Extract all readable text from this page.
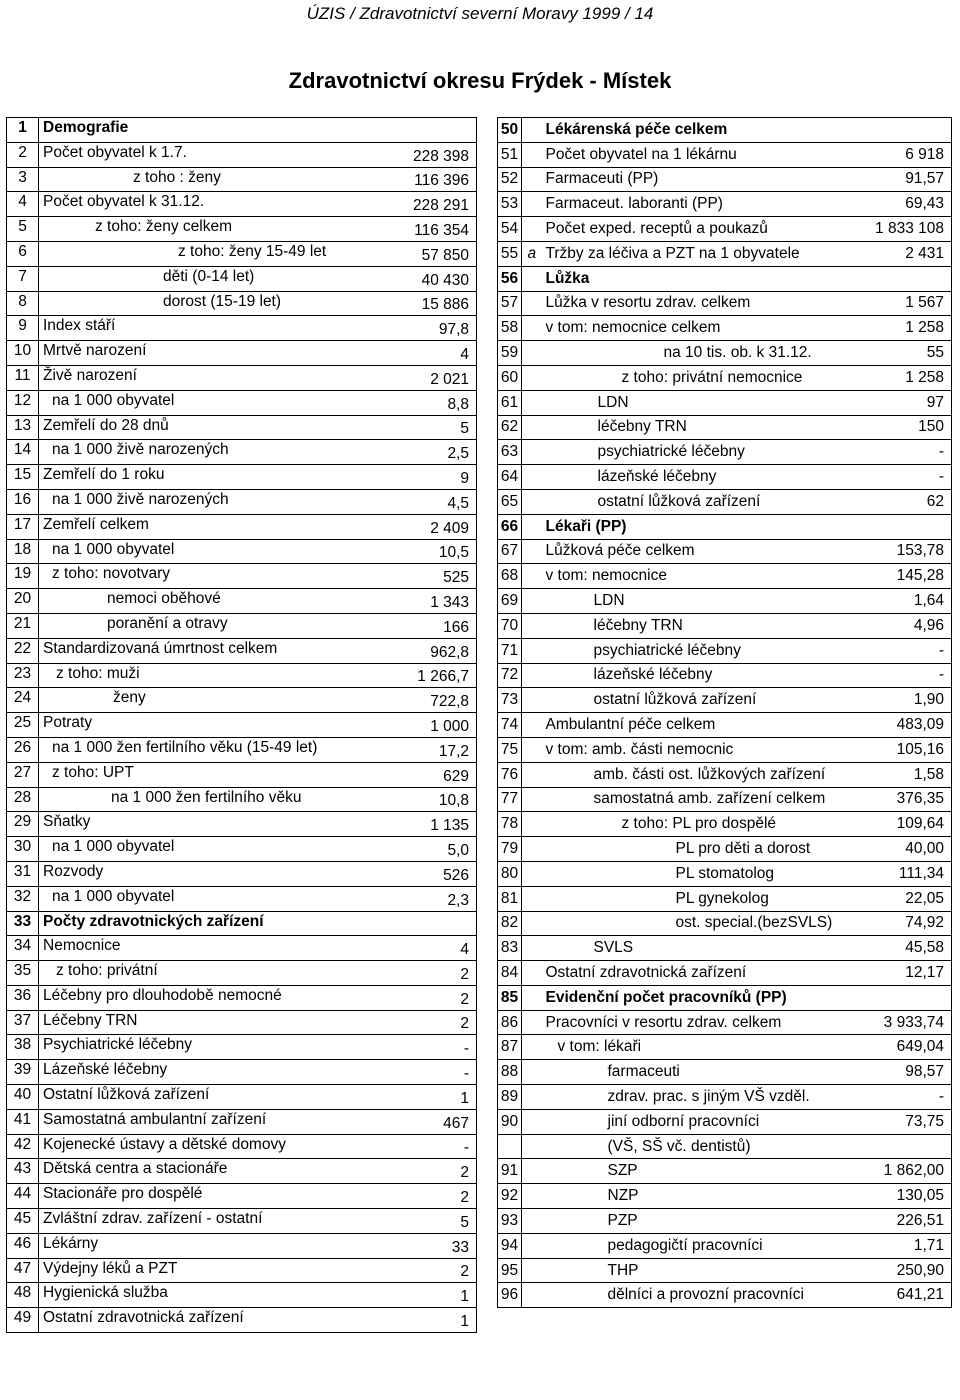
ÚZIS / Zdravotnictví severní Moravy 1999 / 14
Zdravotnictví okresu Frýdek - Místek
1	Demografie	
2	Počet obyvatel k 1.7.	228 398
3	z toho : ženy	116 396
4	Počet obyvatel k 31.12.	228 291
5	z toho: ženy celkem	116 354
6	z toho: ženy 15-49 let	57 850
7	děti (0-14 let)	40 430
8	dorost (15-19 let)	15 886
9	Index stáří	97,8
10	Mrtvě narození	4
11	Živě narození	2 021
12	na 1 000 obyvatel	8,8
13	Zemřelí do 28 dnů	5
14	na 1 000 živě narozených	2,5
15	Zemřelí do 1 roku	9
16	na 1 000 živě narozených	4,5
17	Zemřelí celkem	2 409
18	na 1 000 obyvatel	10,5
19	z toho: novotvary	525
20	nemoci oběhové	1 343
21	poranění a otravy	166
22	Standardizovaná úmrtnost celkem	962,8
23	z toho: muži	1 266,7
24	ženy	722,8
25	Potraty	1 000
26	na 1 000 žen fertilního věku (15-49 let)	17,2
27	z toho: UPT	629
28	na 1 000 žen fertilního věku	10,8
29	Sňatky	1 135
30	na 1 000 obyvatel	5,0
31	Rozvody	526
32	na 1 000 obyvatel	2,3
33	Počty zdravotnických zařízení	
34	Nemocnice	4
35	z toho: privátní	2
36	Léčebny pro dlouhodobě nemocné	2
37	Léčebny TRN	2
38	Psychiatrické léčebny	-
39	Lázeňské léčebny	-
40	Ostatní lůžková zařízení	1
41	Samostatná ambulantní zařízení	467
42	Kojenecké ústavy a dětské domovy	-
43	Dětská centra a stacionáře	2
44	Stacionáře pro dospělé	2
45	Zvláštní zdrav. zařízení - ostatní	5
46	Lékárny	33
47	Výdejny léků a PZT	2
48	Hygienická služba	1
49	Ostatní zdravotnická zařízení	1
50		Lékárenská péče celkem	
51		Počet obyvatel na 1 lékárnu	6 918
52		Farmaceuti (PP)	91,57
53		Farmaceut. laboranti (PP)	69,43
54		Počet exped. receptů a poukazů	1 833 108
55	a	Tržby za léčiva a PZT na 1 obyvatele	2 431
56		Lůžka	
57		Lůžka v resortu zdrav. celkem	1 567
58		v tom: nemocnice celkem	1 258
59		na 10 tis. ob. k 31.12.	55
60		z toho: privátní nemocnice	1 258
61		LDN	97
62		léčebny TRN	150
63		psychiatrické léčebny	-
64		lázeňské léčebny	-
65		ostatní lůžková zařízení	62
66		Lékaři (PP)	
67		Lůžková péče celkem	153,78
68		v tom: nemocnice	145,28
69		LDN	1,64
70		léčebny TRN	4,96
71		psychiatrické léčebny	-
72		lázeňské léčebny	-
73		ostatní lůžková zařízení	1,90
74		Ambulantní péče celkem	483,09
75		v tom: amb. části nemocnic	105,16
76		amb. části ost. lůžkových zařízení	1,58
77		samostatná amb. zařízení celkem	376,35
78		z toho: PL pro dospělé	109,64
79		PL pro děti a dorost	40,00
80		PL stomatolog	111,34
81		PL gynekolog	22,05
82		ost. special.(bezSVLS)	74,92
83		SVLS	45,58
84		Ostatní zdravotnická zařízení	12,17
85		Evidenční počet pracovníků (PP)	
86		Pracovníci v resortu zdrav. celkem	3 933,74
87		v tom: lékaři	649,04
88		farmaceuti	98,57
89		zdrav. prac. s jiným VŠ vzděl.	-
90		jiní odborní pracovníci	73,75
		(VŠ, SŠ vč. dentistů)	
91		SZP	1 862,00
92		NZP	130,05
93		PZP	226,51
94		pedagogičtí pracovníci	1,71
95		THP	250,90
96		dělníci a provozní pracovníci	641,21
